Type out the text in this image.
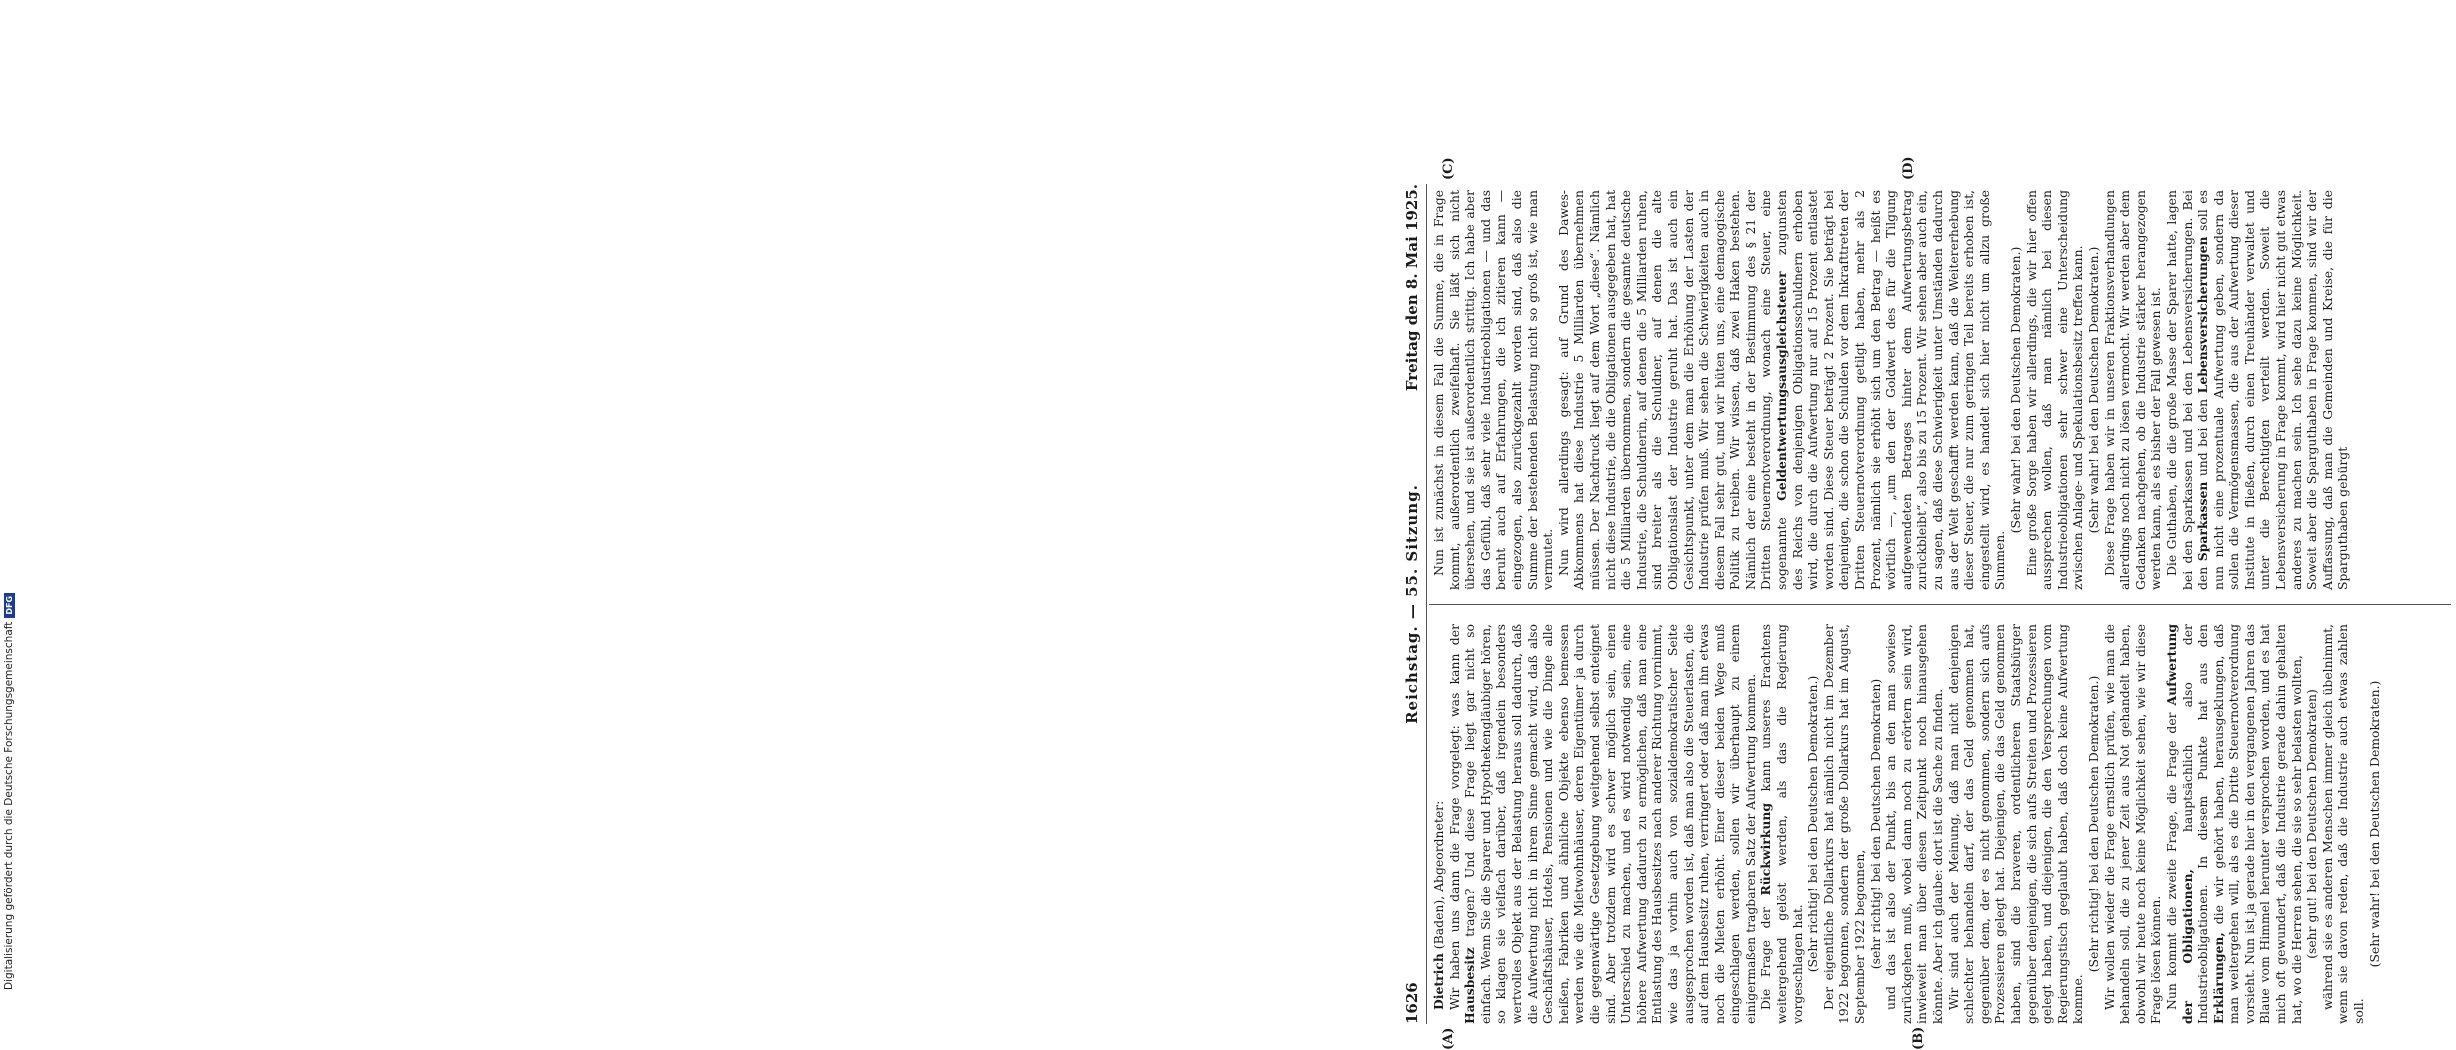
1626
Reichstag. — 55. Sitzung.
Freitag den 8. Mai 1925.
(A)	(B)
(C)	(D)

Dietrich (Baden), Abgeordneter: Wir haben uns dann die Frage vorgelegt: was kann der Hausbesitz tragen? Und diese Frage liegt gar nicht so einfach. Wenn Sie die Sparer und Hypothekengläubiger hören, so klagen sie vielfach darüber, daß irgendein besonders wertvolles Objekt aus der Belastung heraus soll dadurch, daß die Aufwertung nicht in ihrem Sinne gemacht wird, daß also Geschäftshäuser, Hotels, Pensionen und wie die Dinge alle heißen, Fabriken und ähnliche Objekte ebenso bemessen werden wie die Mietwohnhäuser, deren Eigentümer ja durch die gegenwärtige Gesetzgebung weitgehend selbst enteignet sind. Aber trotzdem wird es schwer möglich sein, einen Unterschied zu machen, und es wird notwendig sein, eine höhere Aufwertung dadurch zu ermöglichen, daß man eine Entlastung des Hausbesitzes nach anderer Richtung vornimmt, wie das ja vorhin auch von sozialdemokratischer Seite ausgesprochen worden ist, daß man also die Steuerlasten, die auf dem Hausbesitz ruhen, verringert oder daß man ihn etwas noch die Mieten erhöht. Einer dieser beiden Wege muß eingeschlagen werden, sollen wir überhaupt zu einem einigermaßen tragbaren Satz der Aufwertung kommen. Die Frage der Rückwirkung kann unseres Erachtens weitergehend gelöst werden, als das die Regierung vorgeschlagen hat. (Sehr richtig! bei den Deutschen Demokraten.) Der eigentliche Dollarkurs hat nämlich nicht im Dezember 1922 begonnen, sondern der große Dollarkurs hat im August, September 1922 begonnen, (sehr richtig! bei den Deutschen Demokraten) und das ist also der Punkt, bis an den man sowieso zurückgehen muß, wobei dann noch zu erörtern sein wird, inwieweit man über diesen Zeitpunkt noch hinausgehen könnte. Aber ich glaube: dort ist die Sache zu finden. Wir sind auch der Meinung, daß man nicht denjenigen schlechter behandeln darf, der das Geld genommen hat, gegenüber dem, der es nicht genommen, sondern sich aufs Prozessieren gelegt hat. Diejenigen, die das Geld genommen haben, sind die braveren, ordentlicheren Staatsbürger gegenüber denjenigen, die sich aufs Streiten und Prozessieren gelegt haben, und diejenigen, die den Versprechungen vom Regierungstisch geglaubt haben, daß doch keine Aufwertung komme.

(Sehr richtig! bei den Deutschen Demokraten.) Wir wollen wieder die Frage ernstlich prüfen, wie man die behandeln soll, die zu jener Zeit aus Not gehandelt haben, obwohl wir heute noch keine Möglichkeit sehen, wie wir diese Frage lösen können. Nun kommt die zweite Frage, die Frage der Aufwertung der Obligationen, hauptsächlich also der Industrieobligationen. In diesem Punkte hat aus den Erklärungen, die wir gehört haben, herausgeklungen, daß man weitergehen will, als es die Dritte Steuernotverordnung vorsieht. Nun ist ja gerade hier in den vergangenen Jahren das Blaue vom Himmel herunter versprochen worden, und es hat mich oft gewundert, daß die Industrie gerade dahin gehalten hat, wo die Herren sehen, die sie so sehr belasten wollten, (sehr gut! bei den Deutschen Demokraten) während sie es anderen Menschen immer gleich übelnimmt, wenn sie davon reden, daß die Industrie auch etwas zahlen soll.

(Sehr wahr! bei den Deutschen Demokraten.)

Nun ist zunächst in diesem Fall die Summe, die in Frage kommt, außerordentlich zweifelhaft. Sie läßt sich nicht übersehen, und sie ist außerordentlich strittig. Ich habe aber das Gefühl, daß sehr viele Industrieobligationen — und das beruht auch auf Erfahrungen, die ich zitieren kann — eingezogen, also zurückgezahlt worden sind, daß also die Summe der bestehenden Belastung nicht so groß ist, wie man vermutet. Nun wird allerdings gesagt: auf Grund des Dawes-Abkommens hat diese Industrie 5 Milliarden übernehmen müssen. Der Nachdruck liegt auf dem Wort „diese“. Nämlich nicht diese Industrie, die die Obligationen ausgegeben hat, hat die 5 Milliarden übernommen, sondern die gesamte deutsche Industrie, die Schuldnerin, auf denen die 5 Milliarden ruhen, sind breiter als die Schuldner, auf denen die alte Obligationslast der Industrie geruht hat. Das ist auch ein Gesichtspunkt, unter dem man die Erhöhung der Lasten der Industrie prüfen muß. Wir sehen die Schwierigkeiten auch in diesem Fall sehr gut, und wir hüten uns, eine demagogische Politik zu treiben. Wir wissen, daß zwei Haken bestehen. Nämlich der eine besteht in der Bestimmung des § 21 der Dritten Steuernotverordnung, wonach eine Steuer, eine sogenannte Geldentwertungsausgleichsteuer zugunsten des Reichs von denjenigen Obligationsschuldnern erhoben wird, die durch die Aufwertung nur auf 15 Prozent entlastet worden sind. Diese Steuer beträgt 2 Prozent. Sie beträgt bei denjenigen, die schon die Schulden vor dem Inkrafttreten der Dritten Steuernotverordnung getilgt haben, mehr als 2 Prozent, nämlich sie erhöht sich um den Betrag — heißt es wörtlich —, „um den der Goldwert des für die Tilgung aufgewendeten Betrages hinter dem Aufwertungsbetrag zurückbleibt“, also bis zu 15 Prozent. Wir sehen aber auch ein, zu sagen, daß diese Schwierigkeit unter Umständen dadurch aus der Welt geschafft werden kann, daß die Weitererhebung dieser Steuer, die nur zum geringen Teil bereits erhoben ist, eingestellt wird, es handelt sich hier nicht um allzu große Summen.

(Sehr wahr! bei den Deutschen Demokraten.) Eine große Sorge haben wir allerdings, die wir hier offen aussprechen wollen, daß man nämlich bei diesen Industrieobligationen sehr schwer eine Unterscheidung zwischen Anlage- und Spekulationsbesitz treffen kann. (Sehr wahr! bei den Deutschen Demokraten.) Diese Frage haben wir in unseren Fraktionsverhandlungen allerdings noch nicht zu lösen vermocht. Wir werden aber dem Gedanken nachgehen, ob die Industrie stärker herangezogen werden kann, als es bisher der Fall gewesen ist. Die Guthaben, die die große Masse der Sparer hatte, lagen bei den Sparkassen und bei den Lebensversicherungen. Bei den Sparkassen und bei den Lebensversicherungen soll es nun nicht eine prozentuale Aufwertung geben, sondern da sollen die Vermögensmassen, die aus der Aufwertung dieser Institute in fließen, durch einen Treuhänder verwaltet und unter die Berechtigten verteilt werden. Soweit die Lebensversicherung in Frage kommt, wird hier nicht gut etwas anderes zu machen sein. Ich sehe dazu keine Möglichkeit. Soweit aber die Sparguthaben in Frage kommen, sind wir der Auffassung, daß man die Gemeinden und Kreise, die für die Sparguthaben gebürgt

Digitalisierung gefördert durch die Deutsche ForschungsgemeinschaftDFG
